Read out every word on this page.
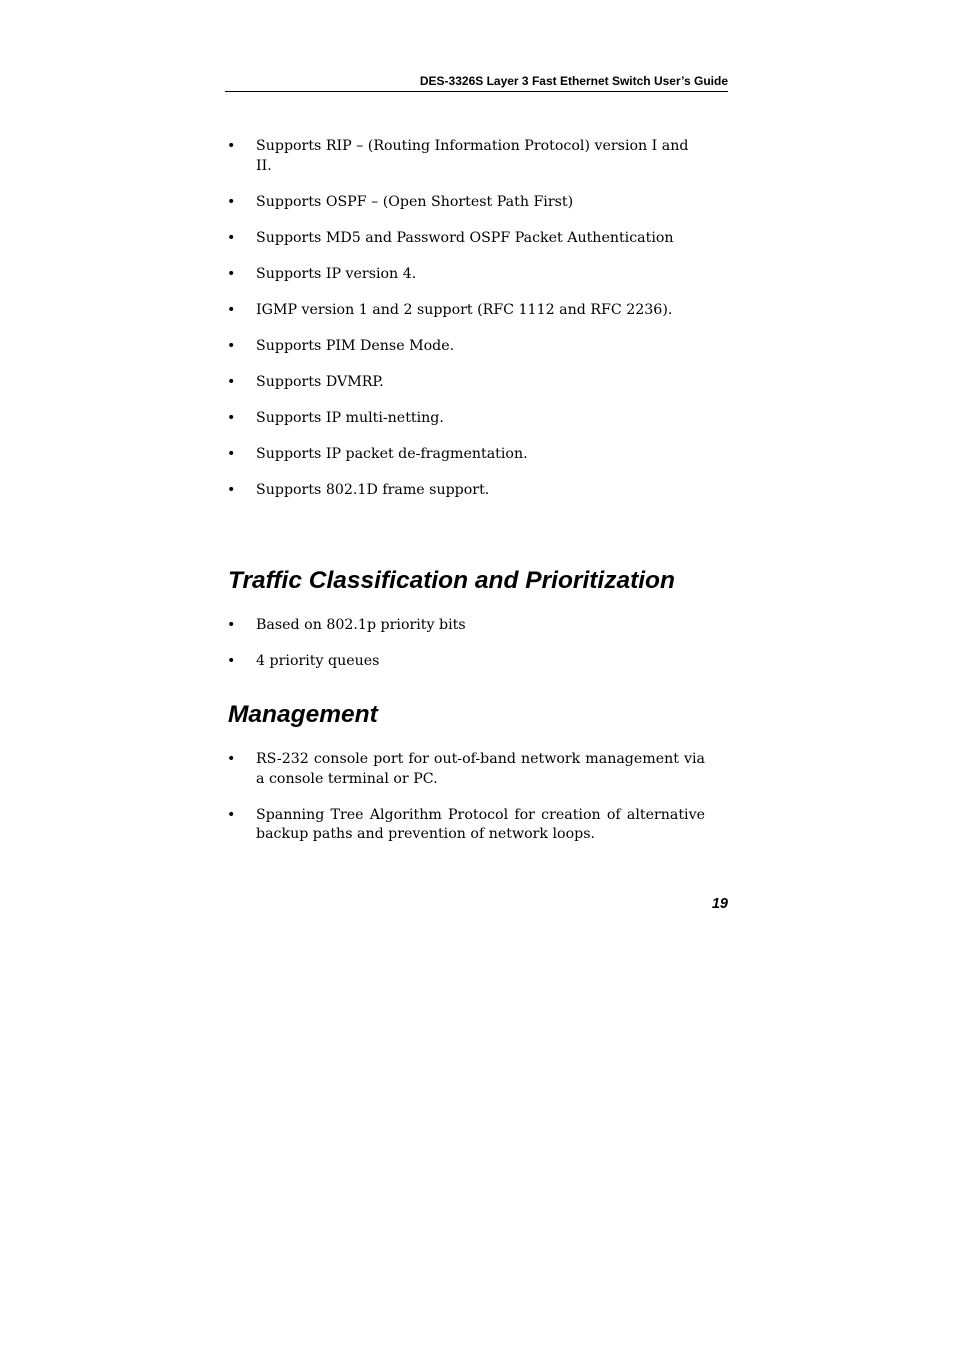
DES-3326S Layer 3 Fast Ethernet Switch User’s Guide
• Supports RIP – (Routing Information Protocol) version I and II.
• Supports OSPF – (Open Shortest Path First)
• Supports MD5 and Password OSPF Packet Authentication
• Supports IP version 4.
• IGMP version 1 and 2 support (RFC 1112 and RFC 2236).
• Supports PIM Dense Mode.
• Supports DVMRP.
• Supports IP multi-netting.
• Supports IP packet de-fragmentation.
• Supports 802.1D frame support.
Traffic Classification and Prioritization
• Based on 802.1p priority bits
• 4 priority queues
Management
• RS-232 console port for out-of-band network management via a console terminal or PC.
• Spanning Tree Algorithm Protocol for creation of alternative backup paths and prevention of network loops.
19
